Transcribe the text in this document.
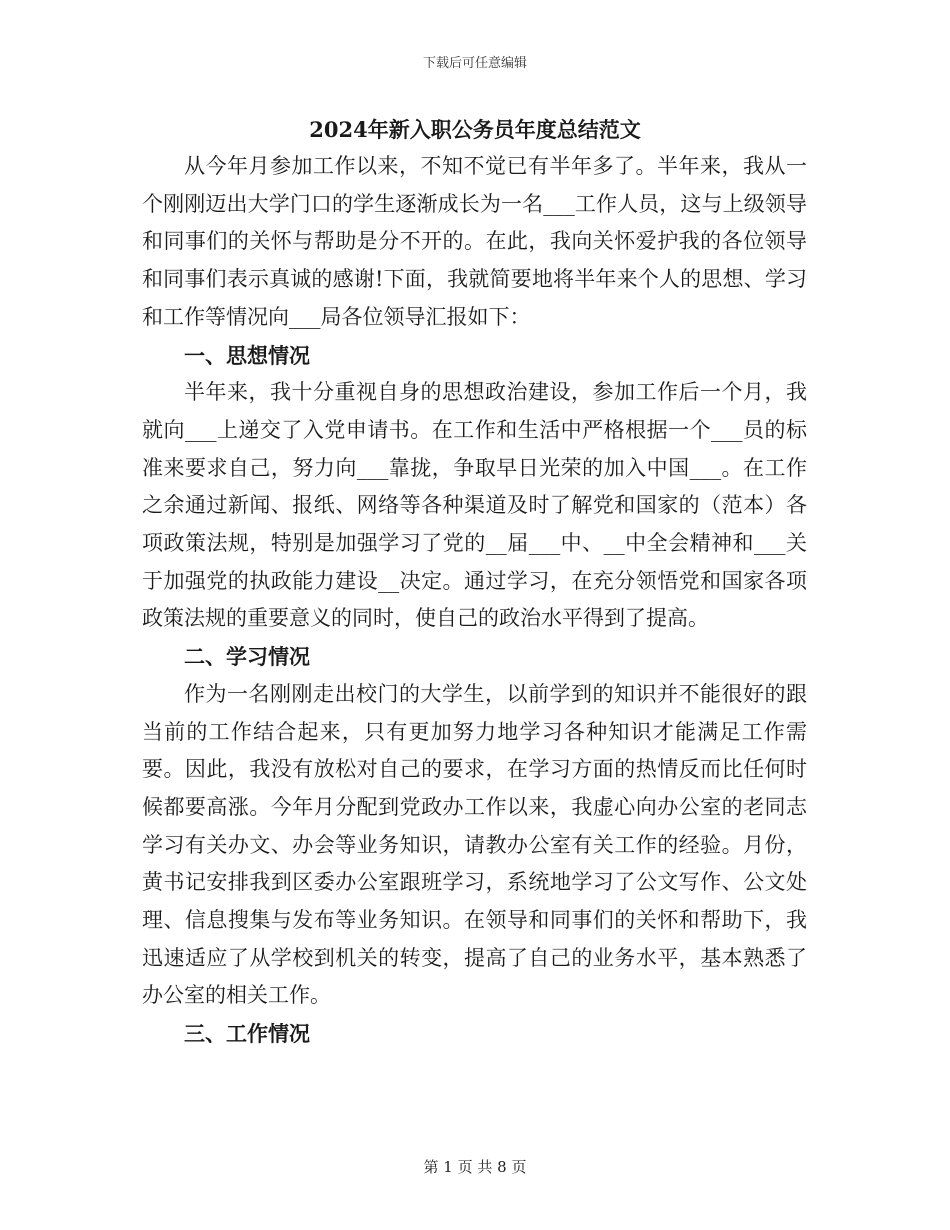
下载后可任意编辑
2024年新入职公务员年度总结范文

从今年月参加工作以来，不知不觉已有半年多了。半年来，我从一个刚刚迈出大学门口的学生逐渐成长为一名___工作人员，这与上级领导和同事们的关怀与帮助是分不开的。在此，我向关怀爱护我的各位领导和同事们表示真诚的感谢!下面，我就简要地将半年来个人的思想、学习和工作等情况向___局各位领导汇报如下：

一、思想情况

半年来，我十分重视自身的思想政治建设，参加工作后一个月，我就向___上递交了入党申请书。在工作和生活中严格根据一个___员的标准来要求自己，努力向___靠拢，争取早日光荣的加入中国___。在工作之余通过新闻、报纸、网络等各种渠道及时了解党和国家的（范本）各项政策法规，特别是加强学习了党的__届___中、__中全会精神和___关于加强党的执政能力建设__决定。通过学习，在充分领悟党和国家各项政策法规的重要意义的同时，使自己的政治水平得到了提高。

二、学习情况

作为一名刚刚走出校门的大学生，以前学到的知识并不能很好的跟当前的工作结合起来，只有更加努力地学习各种知识才能满足工作需要。因此，我没有放松对自己的要求，在学习方面的热情反而比任何时候都要高涨。今年月分配到党政办工作以来，我虚心向办公室的老同志学习有关办文、办会等业务知识，请教办公室有关工作的经验。月份，黄书记安排我到区委办公室跟班学习，系统地学习了公文写作、公文处理、信息搜集与发布等业务知识。在领导和同事们的关怀和帮助下，我迅速适应了从学校到机关的转变，提高了自己的业务水平，基本熟悉了办公室的相关工作。

三、工作情况

第 1 页 共 8 页
